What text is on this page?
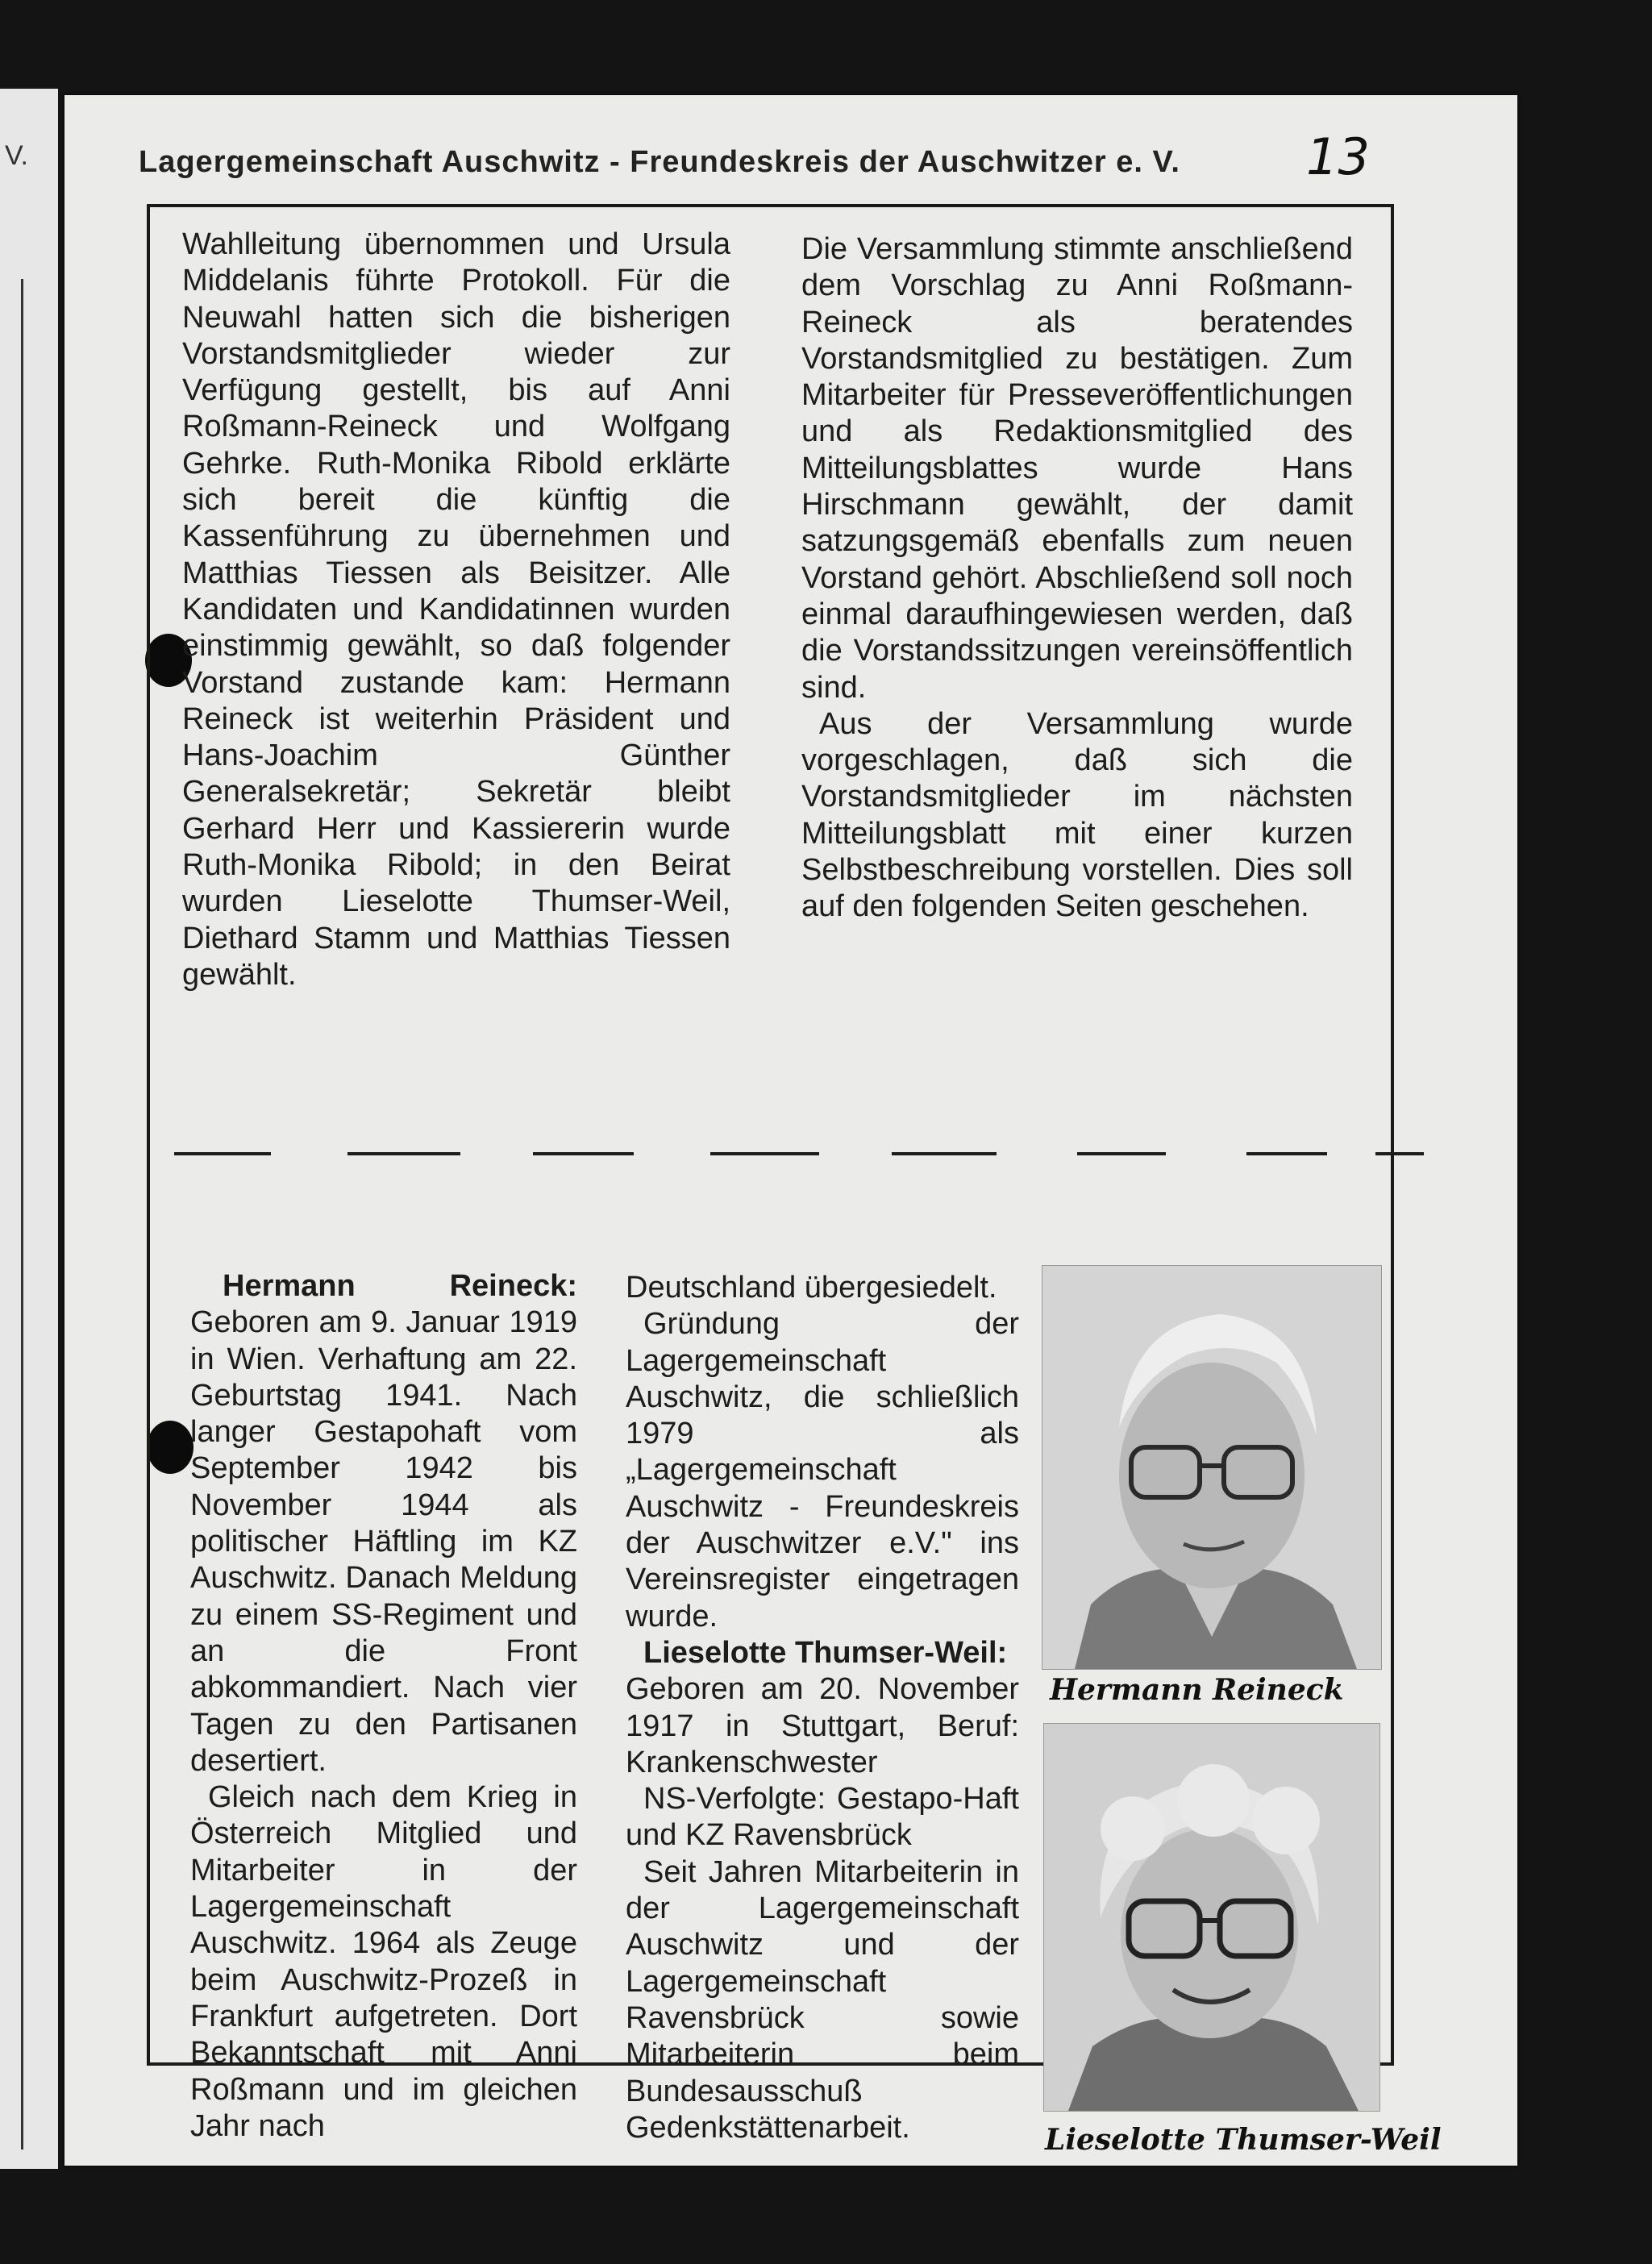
V.	Lagergemeinschaft Auschwitz - Freundeskreis der Auschwitzer e. V.	13

Wahlleitung übernommen und Ursula Middelanis führte Protokoll. Für die Neuwahl hatten sich die bisherigen Vorstandsmitglieder wieder zur Verfügung gestellt, bis auf Anni Roßmann-Reineck und Wolfgang Gehrke. Ruth-Monika Ribold erklärte sich bereit die künftig die Kassenführung zu übernehmen und Matthias Tiessen als Beisitzer. Alle Kandidaten und Kandidatinnen wurden einstimmig gewählt, so daß folgender Vorstand zustande kam: Hermann Reineck ist weiterhin Präsident und Hans-Joachim Günther Generalsekretär; Sekretär bleibt Gerhard Herr und Kassiererin wurde Ruth-Monika Ribold; in den Beirat wurden Lieselotte Thumser-Weil, Diethard Stamm und Matthias Tiessen gewählt.

Die Versammlung stimmte anschließend dem Vorschlag zu Anni Roßmann-Reineck als beratendes Vorstandsmitglied zu bestätigen. Zum Mitarbeiter für Presseveröffentlichungen und als Redaktionsmitglied des Mitteilungsblattes wurde Hans Hirschmann gewählt, der damit satzungsgemäß ebenfalls zum neuen Vorstand gehört. Abschließend soll noch einmal daraufhingewiesen werden, daß die Vorstandssitzungen vereinsöffentlich sind.

Aus der Versammlung wurde vorgeschlagen, daß sich die Vorstandsmitglieder im nächsten Mitteilungsblatt mit einer kurzen Selbstbeschreibung vorstellen. Dies soll auf den folgenden Seiten geschehen.

Hermann Reineck:

Geboren am 9. Januar 1919 in Wien. Verhaftung am 22. Geburtstag 1941. Nach langer Gestapohaft vom September 1942 bis November 1944 als politischer Häftling im KZ Auschwitz. Danach Meldung zu einem SS-Regiment und an die Front abkommandiert. Nach vier Tagen zu den Partisanen desertiert.

Gleich nach dem Krieg in Österreich Mitglied und Mitarbeiter in der Lagergemeinschaft Auschwitz. 1964 als Zeuge beim Auschwitz-Prozeß in Frankfurt aufgetreten. Dort Bekanntschaft mit Anni Roßmann und im gleichen Jahr nach

Deutschland übergesiedelt.

Gründung der Lagergemeinschaft Auschwitz, die schließlich 1979 als „Lagergemeinschaft Auschwitz - Freundeskreis der Auschwitzer e.V." ins Vereinsregister eingetragen wurde.

Lieselotte Thumser-Weil:

Geboren am 20. November 1917 in Stuttgart, Beruf: Krankenschwester

NS-Verfolgte: Gestapo-Haft und KZ Ravensbrück

Seit Jahren Mitarbeiterin in der Lagergemeinschaft Auschwitz und der Lagergemeinschaft Ravensbrück sowie Mitarbeiterin beim Bundesausschuß Gedenkstättenarbeit.

Hermann Reineck
Lieselotte Thumser-Weil
